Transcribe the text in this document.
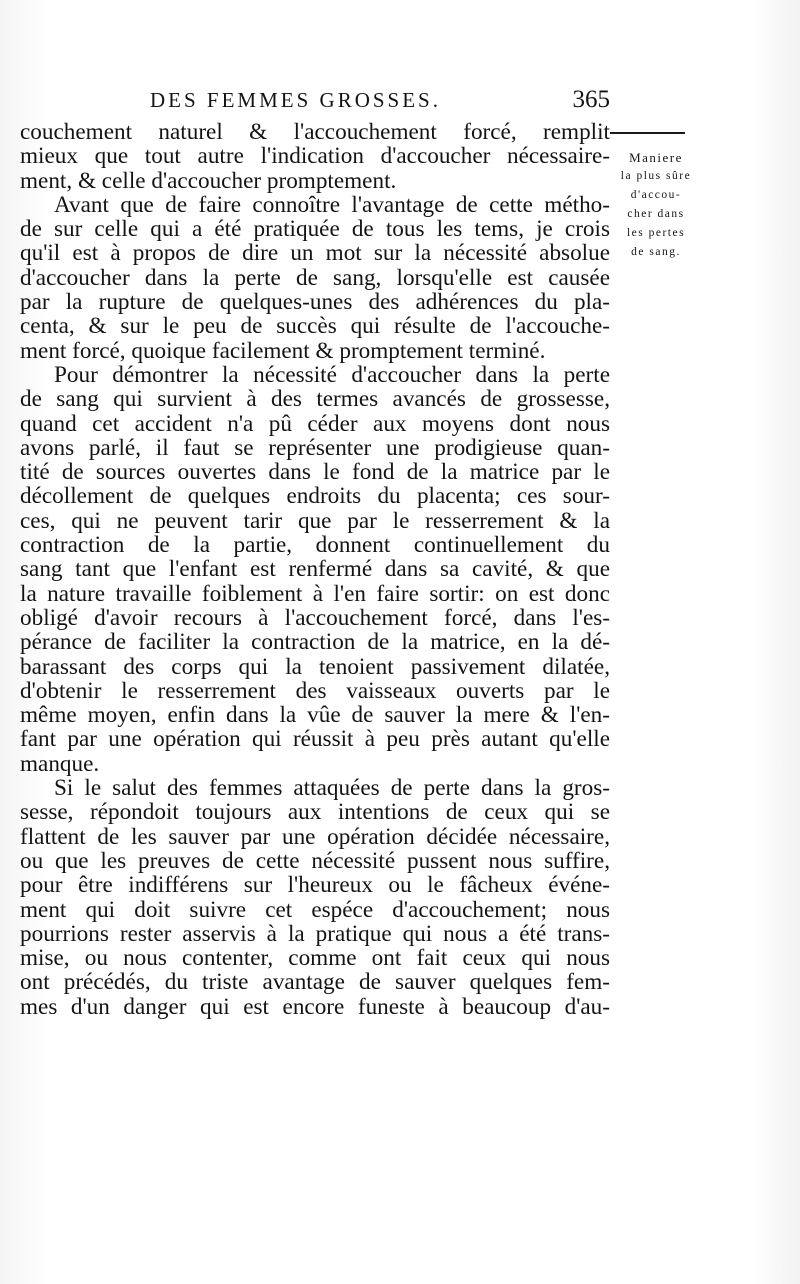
DES FEMMES GROSSES.	365
Maniere
la plus sûre
d'accou-
cher dans
les pertes
de sang.
couchement naturel & l'accouchement forcé, remplit
mieux que tout autre l'indication d'accoucher nécessaire-
ment, & celle d'accoucher promptement.
Avant que de faire connoître l'avantage de cette métho-
de sur celle qui a été pratiquée de tous les tems, je crois
qu'il est à propos de dire un mot sur la nécessité absolue
d'accoucher dans la perte de sang, lorsqu'elle est causée
par la rupture de quelques-unes des adhérences du pla-
centa, & sur le peu de succès qui résulte de l'accouche-
ment forcé, quoique facilement & promptement terminé.
Pour démontrer la nécessité d'accoucher dans la perte
de sang qui survient à des termes avancés de grossesse,
quand cet accident n'a pû céder aux moyens dont nous
avons parlé, il faut se représenter une prodigieuse quan-
tité de sources ouvertes dans le fond de la matrice par le
décollement de quelques endroits du placenta; ces sour-
ces, qui ne peuvent tarir que par le resserrement & la
contraction de la partie, donnent continuellement du
sang tant que l'enfant est renfermé dans sa cavité, & que
la nature travaille foiblement à l'en faire sortir: on est donc
obligé d'avoir recours à l'accouchement forcé, dans l'es-
pérance de faciliter la contraction de la matrice, en la dé-
barassant des corps qui la tenoient passivement dilatée,
d'obtenir le resserrement des vaisseaux ouverts par le
même moyen, enfin dans la vûe de sauver la mere & l'en-
fant par une opération qui réussit à peu près autant qu'elle
manque.
Si le salut des femmes attaquées de perte dans la gros-
sesse, répondoit toujours aux intentions de ceux qui se
flattent de les sauver par une opération décidée nécessaire,
ou que les preuves de cette nécessité pussent nous suffire,
pour être indifférens sur l'heureux ou le fâcheux événe-
ment qui doit suivre cet espéce d'accouchement; nous
pourrions rester asservis à la pratique qui nous a été trans-
mise, ou nous contenter, comme ont fait ceux qui nous
ont précédés, du triste avantage de sauver quelques fem-
mes d'un danger qui est encore funeste à beaucoup d'au-
